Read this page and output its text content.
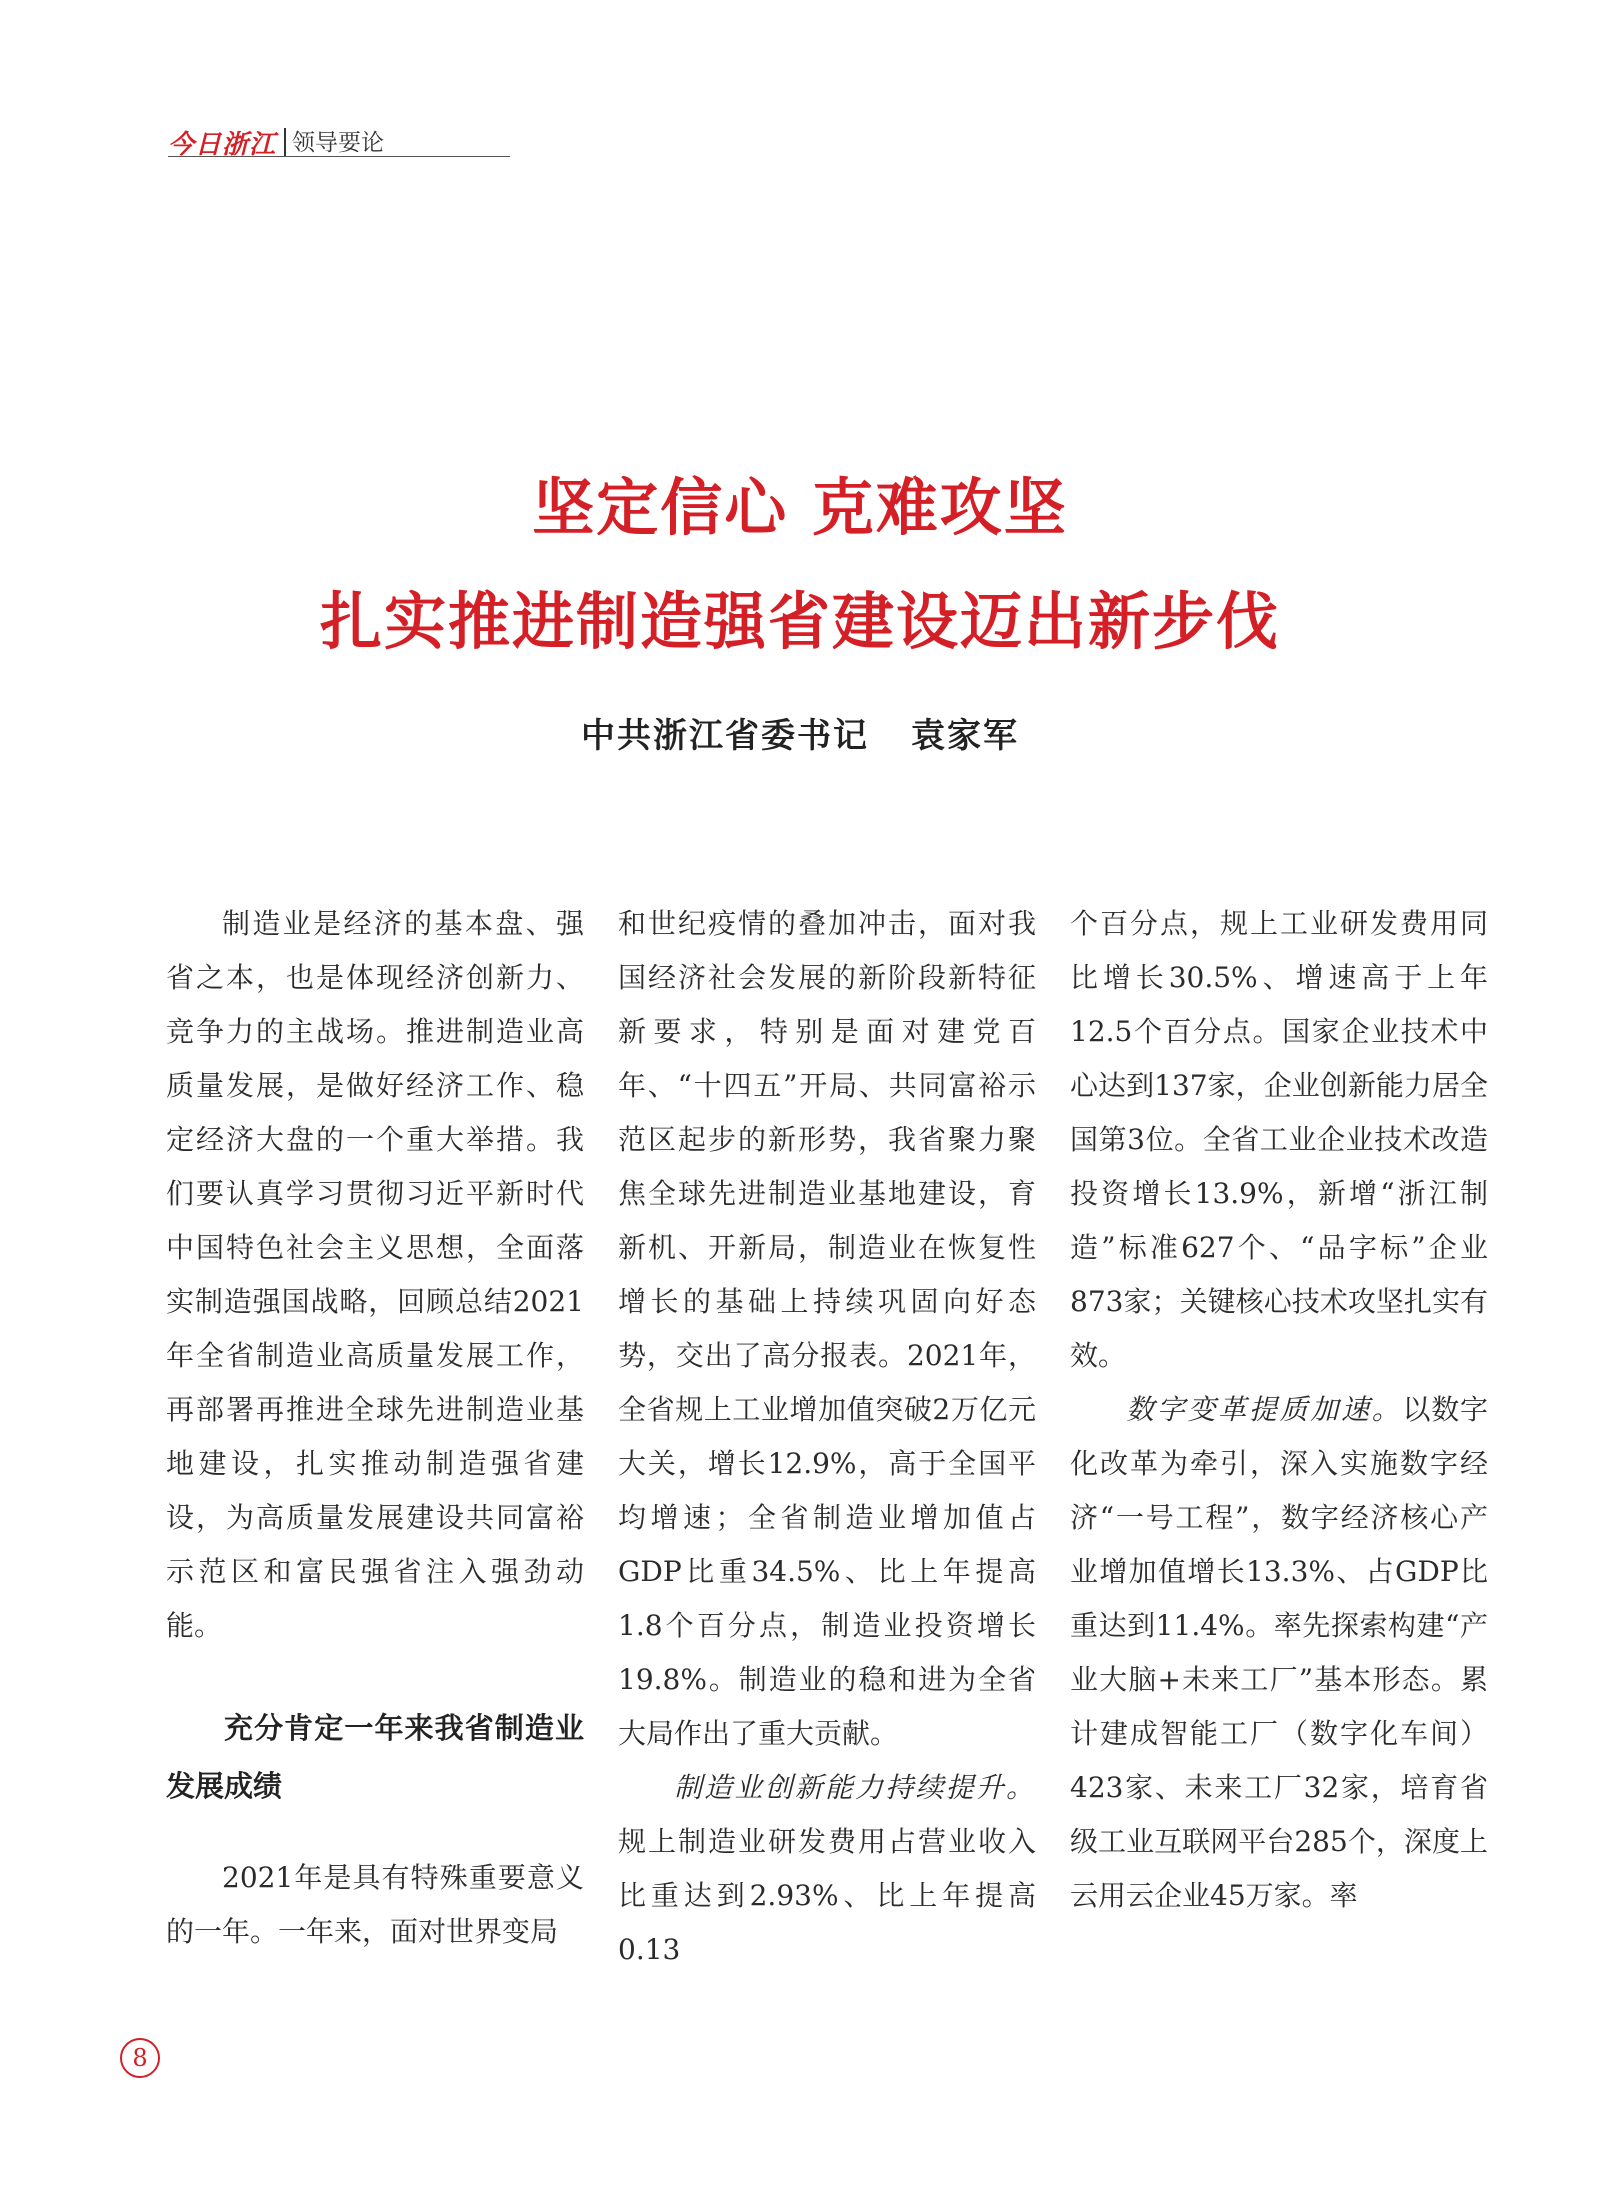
今日浙江 领导要论
坚定信心 克难攻坚
扎实推进制造强省建设迈出新步伐
中共浙江省委书记 袁家军

制造业是经济的基本盘、强省之本，也是体现经济创新力、竞争力的主战场。推进制造业高质量发展，是做好经济工作、稳定经济大盘的一个重大举措。我们要认真学习贯彻习近平新时代中国特色社会主义思想，全面落实制造强国战略，回顾总结2021年全省制造业高质量发展工作，再部署再推进全球先进制造业基地建设，扎实推动制造强省建设，为高质量发展建设共同富裕示范区和富民强省注入强劲动能。

充分肯定一年来我省制造业发展成绩

2021年是具有特殊重要意义的一年。一年来，面对世界变局

和世纪疫情的叠加冲击，面对我国经济社会发展的新阶段新特征新要求，特别是面对建党百年、“十四五”开局、共同富裕示范区起步的新形势，我省聚力聚焦全球先进制造业基地建设，育新机、开新局，制造业在恢复性增长的基础上持续巩固向好态势，交出了高分报表。2021年，全省规上工业增加值突破2万亿元大关，增长12.9%，高于全国平均增速；全省制造业增加值占GDP比重34.5%、比上年提高1.8个百分点，制造业投资增长19.8%。制造业的稳和进为全省大局作出了重大贡献。

制造业创新能力持续提升。规上制造业研发费用占营业收入比重达到2.93%、比上年提高0.13

个百分点，规上工业研发费用同比增长30.5%、增速高于上年12.5个百分点。国家企业技术中心达到137家，企业创新能力居全国第3位。全省工业企业技术改造投资增长13.9%，新增“浙江制造”标准627个、“品字标”企业873家；关键核心技术攻坚扎实有效。

数字变革提质加速。以数字化改革为牵引，深入实施数字经济“一号工程”，数字经济核心产业增加值增长13.3%、占GDP比重达到11.4%。率先探索构建“产业大脑+未来工厂”基本形态。累计建成智能工厂（数字化车间）423家、未来工厂32家，培育省级工业互联网平台285个，深度上云用云企业45万家。率

8
